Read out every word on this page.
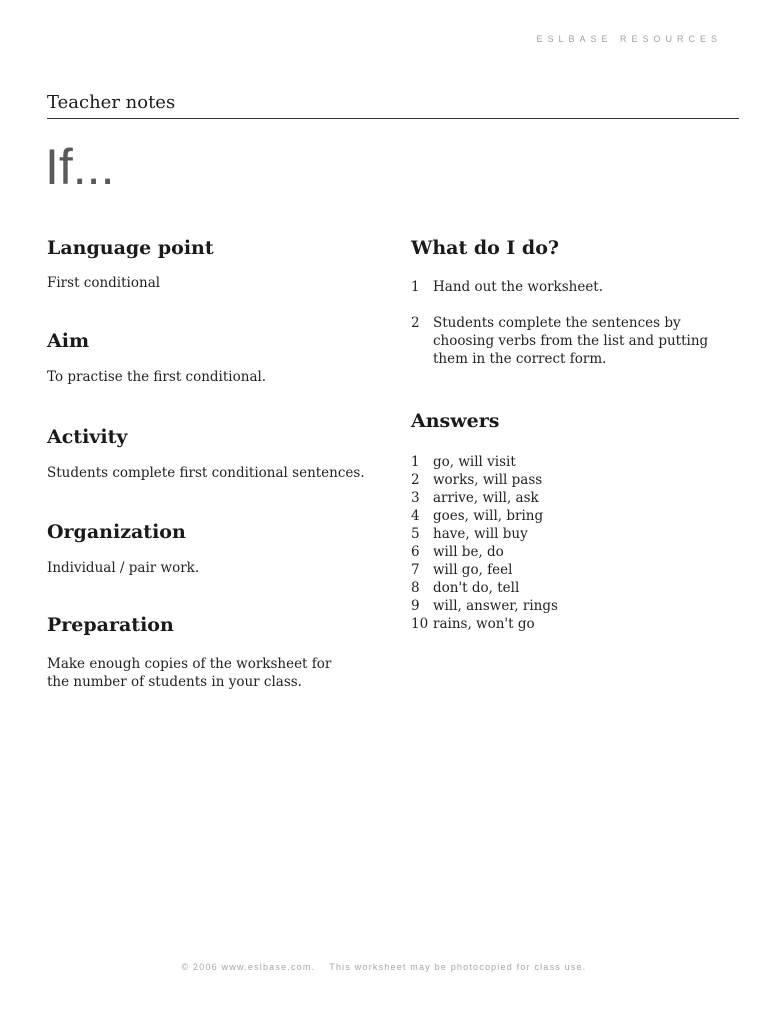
ESLBASE RESOURCES
Teacher notes
If...
Language point

First conditional

Aim

To practise the first conditional.

Activity

Students complete first conditional sentences.

Organization

Individual / pair work.

Preparation

Make enough copies of the worksheet for

the number of students in your class.

What do I do?
1 Hand out the worksheet.
2 Students complete the sentences by
choosing verbs from the list and putting
them in the correct form.
Answers
1 go, will visit
2 works, will pass
3 arrive, will, ask
4 goes, will, bring
5 have, will buy
6 will be, do
7 will go, feel
8 don't do, tell
9 will, answer, rings
10 rains, won't go
© 2006 www.eslbase.com. This worksheet may be photocopied for class use.
